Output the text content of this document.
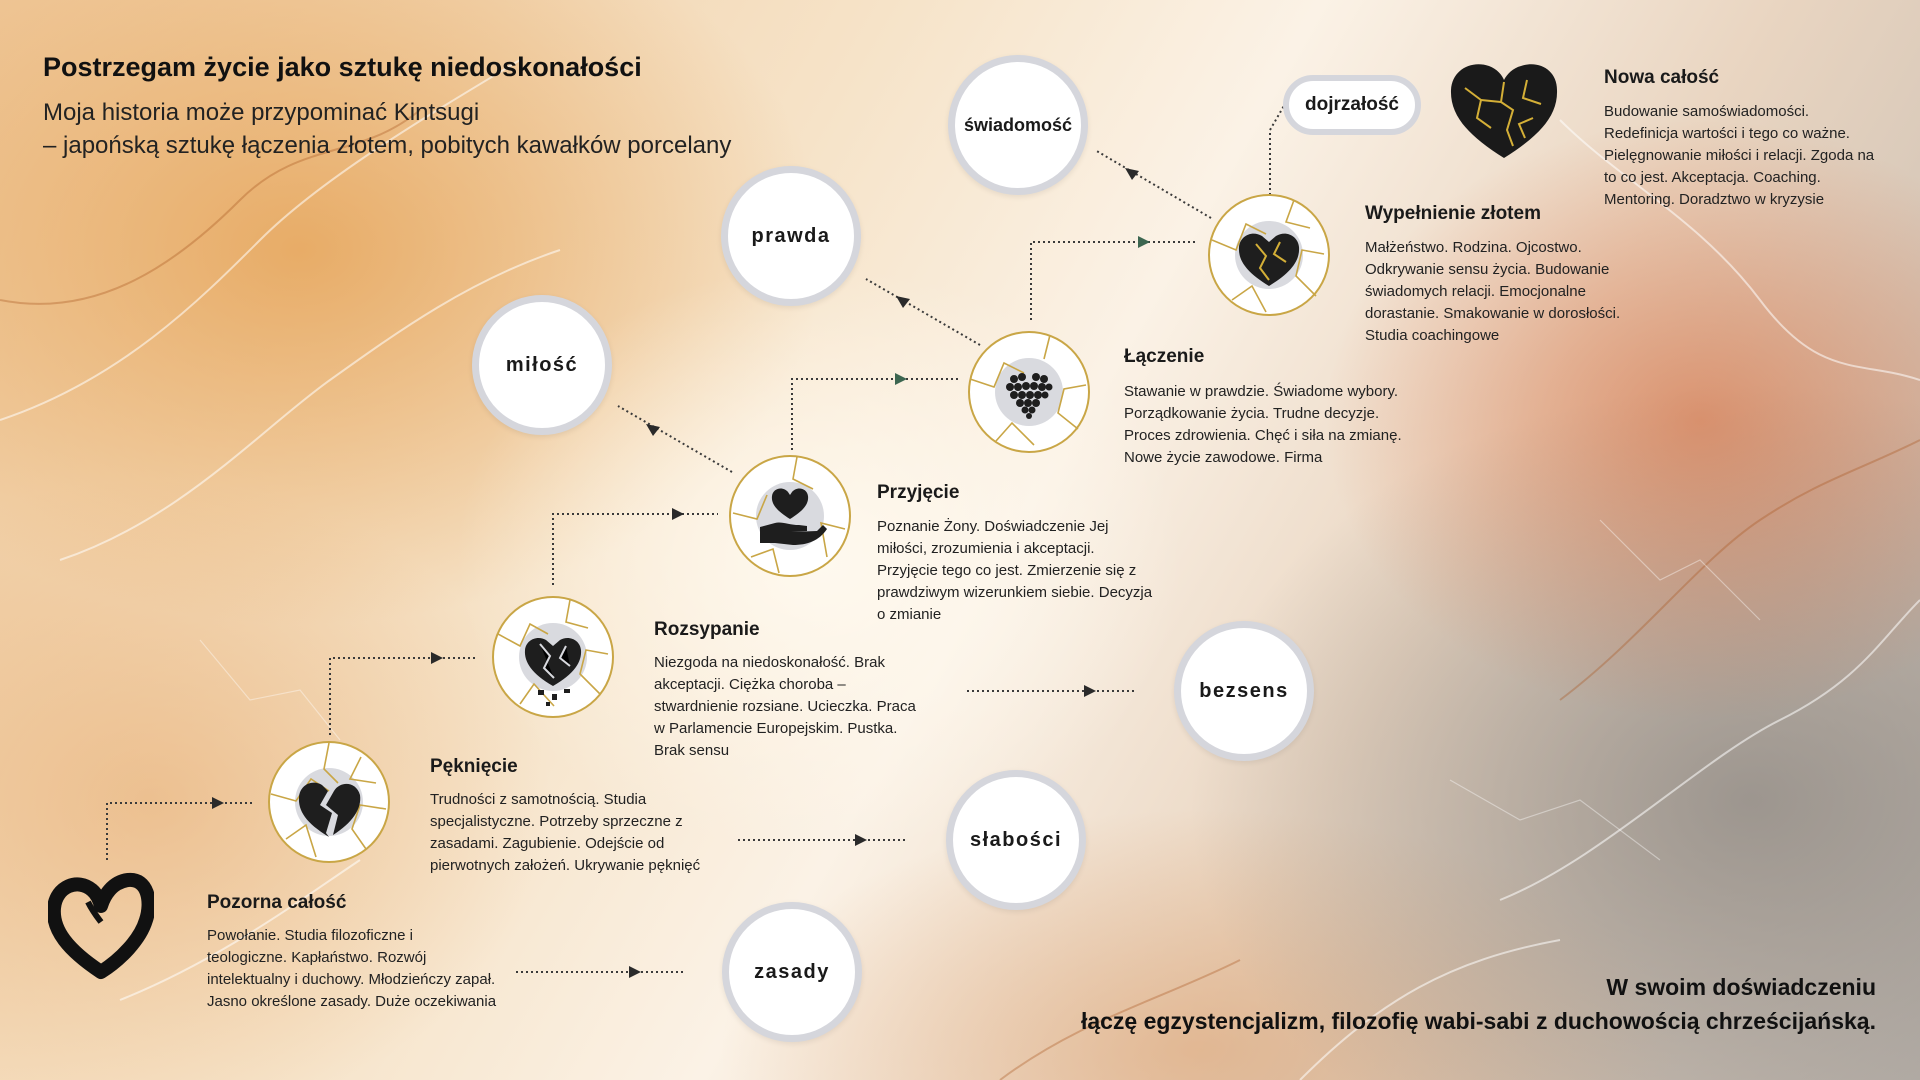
Postrzegam życie jako sztukę niedoskonałości
Moja historia może przypominać Kintsugi
– japońską sztukę łączenia złotem, pobitych kawałków porcelany
Pozorna całość
Powołanie. Studia filozoficzne i teologiczne. Kapłaństwo. Rozwój intelektualny i duchowy. Młodzieńczy zapał. Jasno określone zasady. Duże oczekiwania
Pęknięcie
Trudności z samotnością. Studia specjalistyczne. Potrzeby sprzeczne z zasadami. Zagubienie. Odejście od pierwotnych założeń. Ukrywanie pęknięć
Rozsypanie
Niezgoda na niedoskonałość. Brak akceptacji. Ciężka choroba – stwardnienie rozsiane. Ucieczka. Praca w Parlamencie Europejskim. Pustka. Brak sensu
Przyjęcie
Poznanie Żony. Doświadczenie Jej miłości, zrozumienia i akceptacji. Przyjęcie tego co jest. Zmierzenie się z prawdziwym wizerunkiem siebie. Decyzja o zmianie
Łączenie
Stawanie w prawdzie. Świadome wybory. Porządkowanie życia. Trudne decyzje. Proces zdrowienia. Chęć i siła na zmianę. Nowe życie zawodowe. Firma
Wypełnienie złotem
Małżeństwo. Rodzina. Ojcostwo. Odkrywanie sensu życia. Budowanie świadomych relacji. Emocjonalne dorastanie. Smakowanie w dorosłości. Studia coachingowe
Nowa całość
Budowanie samoświadomości. Redefinicja wartości i tego co ważne. Pielęgnowanie miłości i relacji. Zgoda na to co jest. Akceptacja. Coaching. Mentoring. Doradztwo w kryzysie
zasady
słabości
bezsens
miłość
prawda
świadomość
dojrzałość
W swoim doświadczeniu
łączę egzystencjalizm, filozofię wabi-sabi z duchowością chrześcijańską.
